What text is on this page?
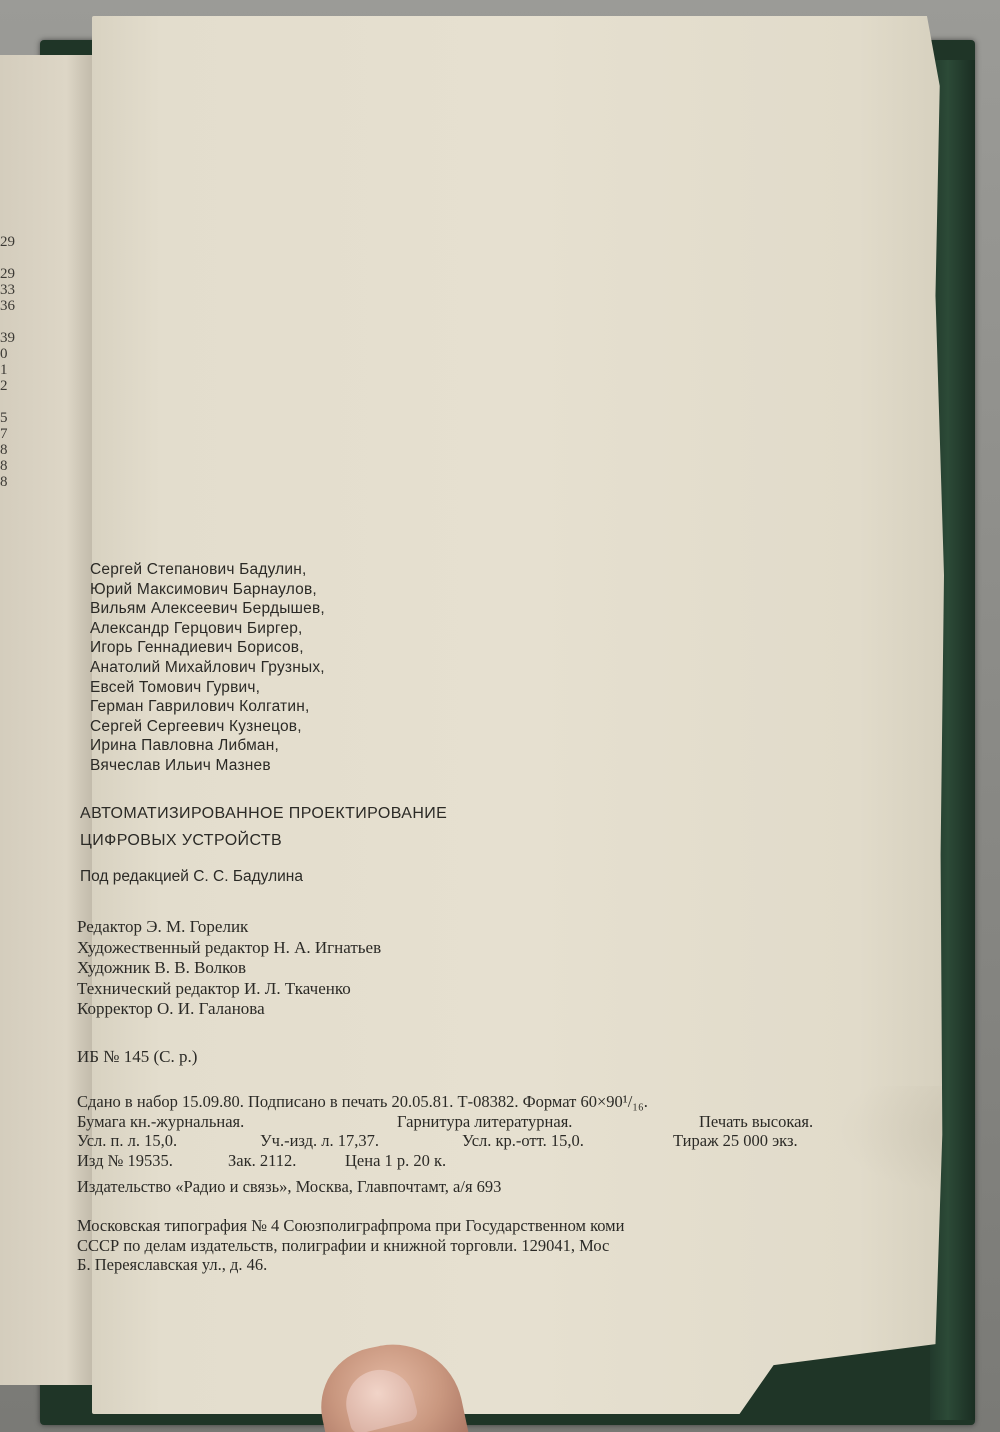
29
29
33
36
39
0
1
2
5
7
8
8
8
Сергей Степанович Бадулин,
Юрий Максимович Барнаулов,
Вильям Алексеевич Бердышев,
Александр Герцович Биргер,
Игорь Геннадиевич Борисов,
Анатолий Михайлович Грузных,
Евсей Томович Гурвич,
Герман Гаврилович Колгатин,
Сергей Сергеевич Кузнецов,
Ирина Павловна Либман,
Вячеслав Ильич Мазнев
АВТОМАТИЗИРОВАННОЕ ПРОЕКТИРОВАНИЕ
ЦИФРОВЫХ УСТРОЙСТВ
Под редакцией С. С. Бадулина
Редактор Э. М. Горелик
Художественный редактор Н. А. Игнатьев
Художник В. В. Волков
Технический редактор И. Л. Ткаченко
Корректор О. И. Галанова
ИБ № 145 (С. р.)
Сдано в набор 15.09.80. Подписано в печать 20.05.81. Т-08382. Формат 60×90¹/₁₆.
Бумага кн.-журнальная.	Гарнитура литературная.	Печать высокая.
Усл. п. л. 15,0.	Уч.-изд. л. 17,37.	Усл. кр.-отт. 15,0.	Тираж 25 000 экз.
Изд № 19535.	Зак. 2112.	Цена 1 р. 20 к.
Издательство «Радио и связь», Москва, Главпочтамт, а/я 693
Московская типография № 4 Союзполиграфпрома при Государственном коми
СССР по делам издательств, полиграфии и книжной торговли. 129041, Мос
Б. Переяславская ул., д. 46.
